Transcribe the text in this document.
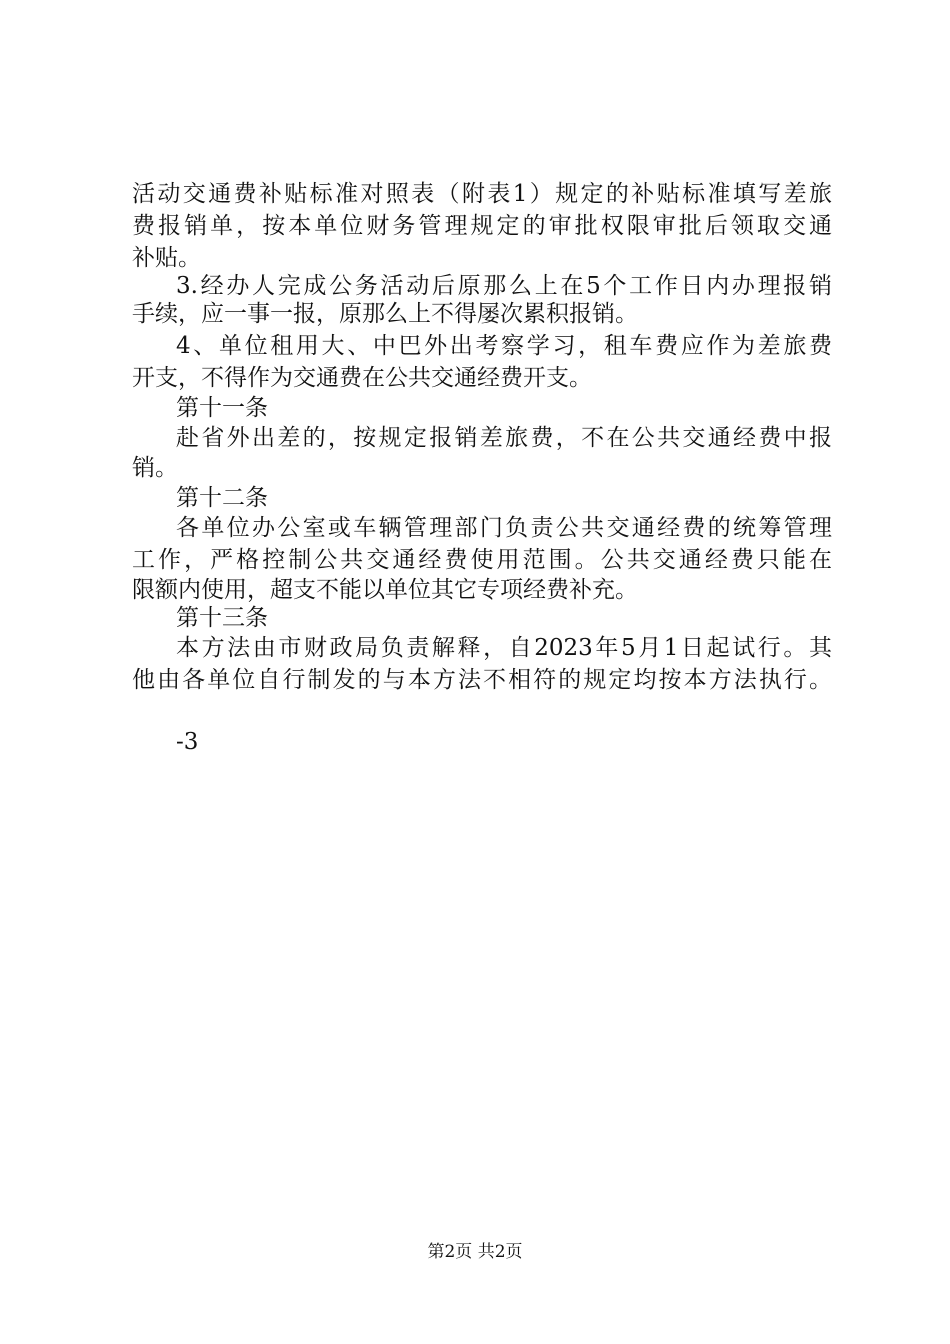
活动交通费补贴标准对照表（附表1）规定的补贴标准填写差旅
费报销单，按本单位财务管理规定的审批权限审批后领取交通
补贴。
3.经办人完成公务活动后原那么上在5个工作日内办理报销
手续，应一事一报，原那么上不得屡次累积报销。
4、单位租用大、中巴外出考察学习，租车费应作为差旅费
开支，不得作为交通费在公共交通经费开支。
第十一条
赴省外出差的，按规定报销差旅费，不在公共交通经费中报
销。
第十二条
各单位办公室或车辆管理部门负责公共交通经费的统筹管理
工作，严格控制公共交通经费使用范围。公共交通经费只能在
限额内使用，超支不能以单位其它专项经费补充。
第十三条
本方法由市财政局负责解释，自2023年5月1日起试行。其
他由各单位自行制发的与本方法不相符的规定均按本方法执行。
-3
第2页 共2页
